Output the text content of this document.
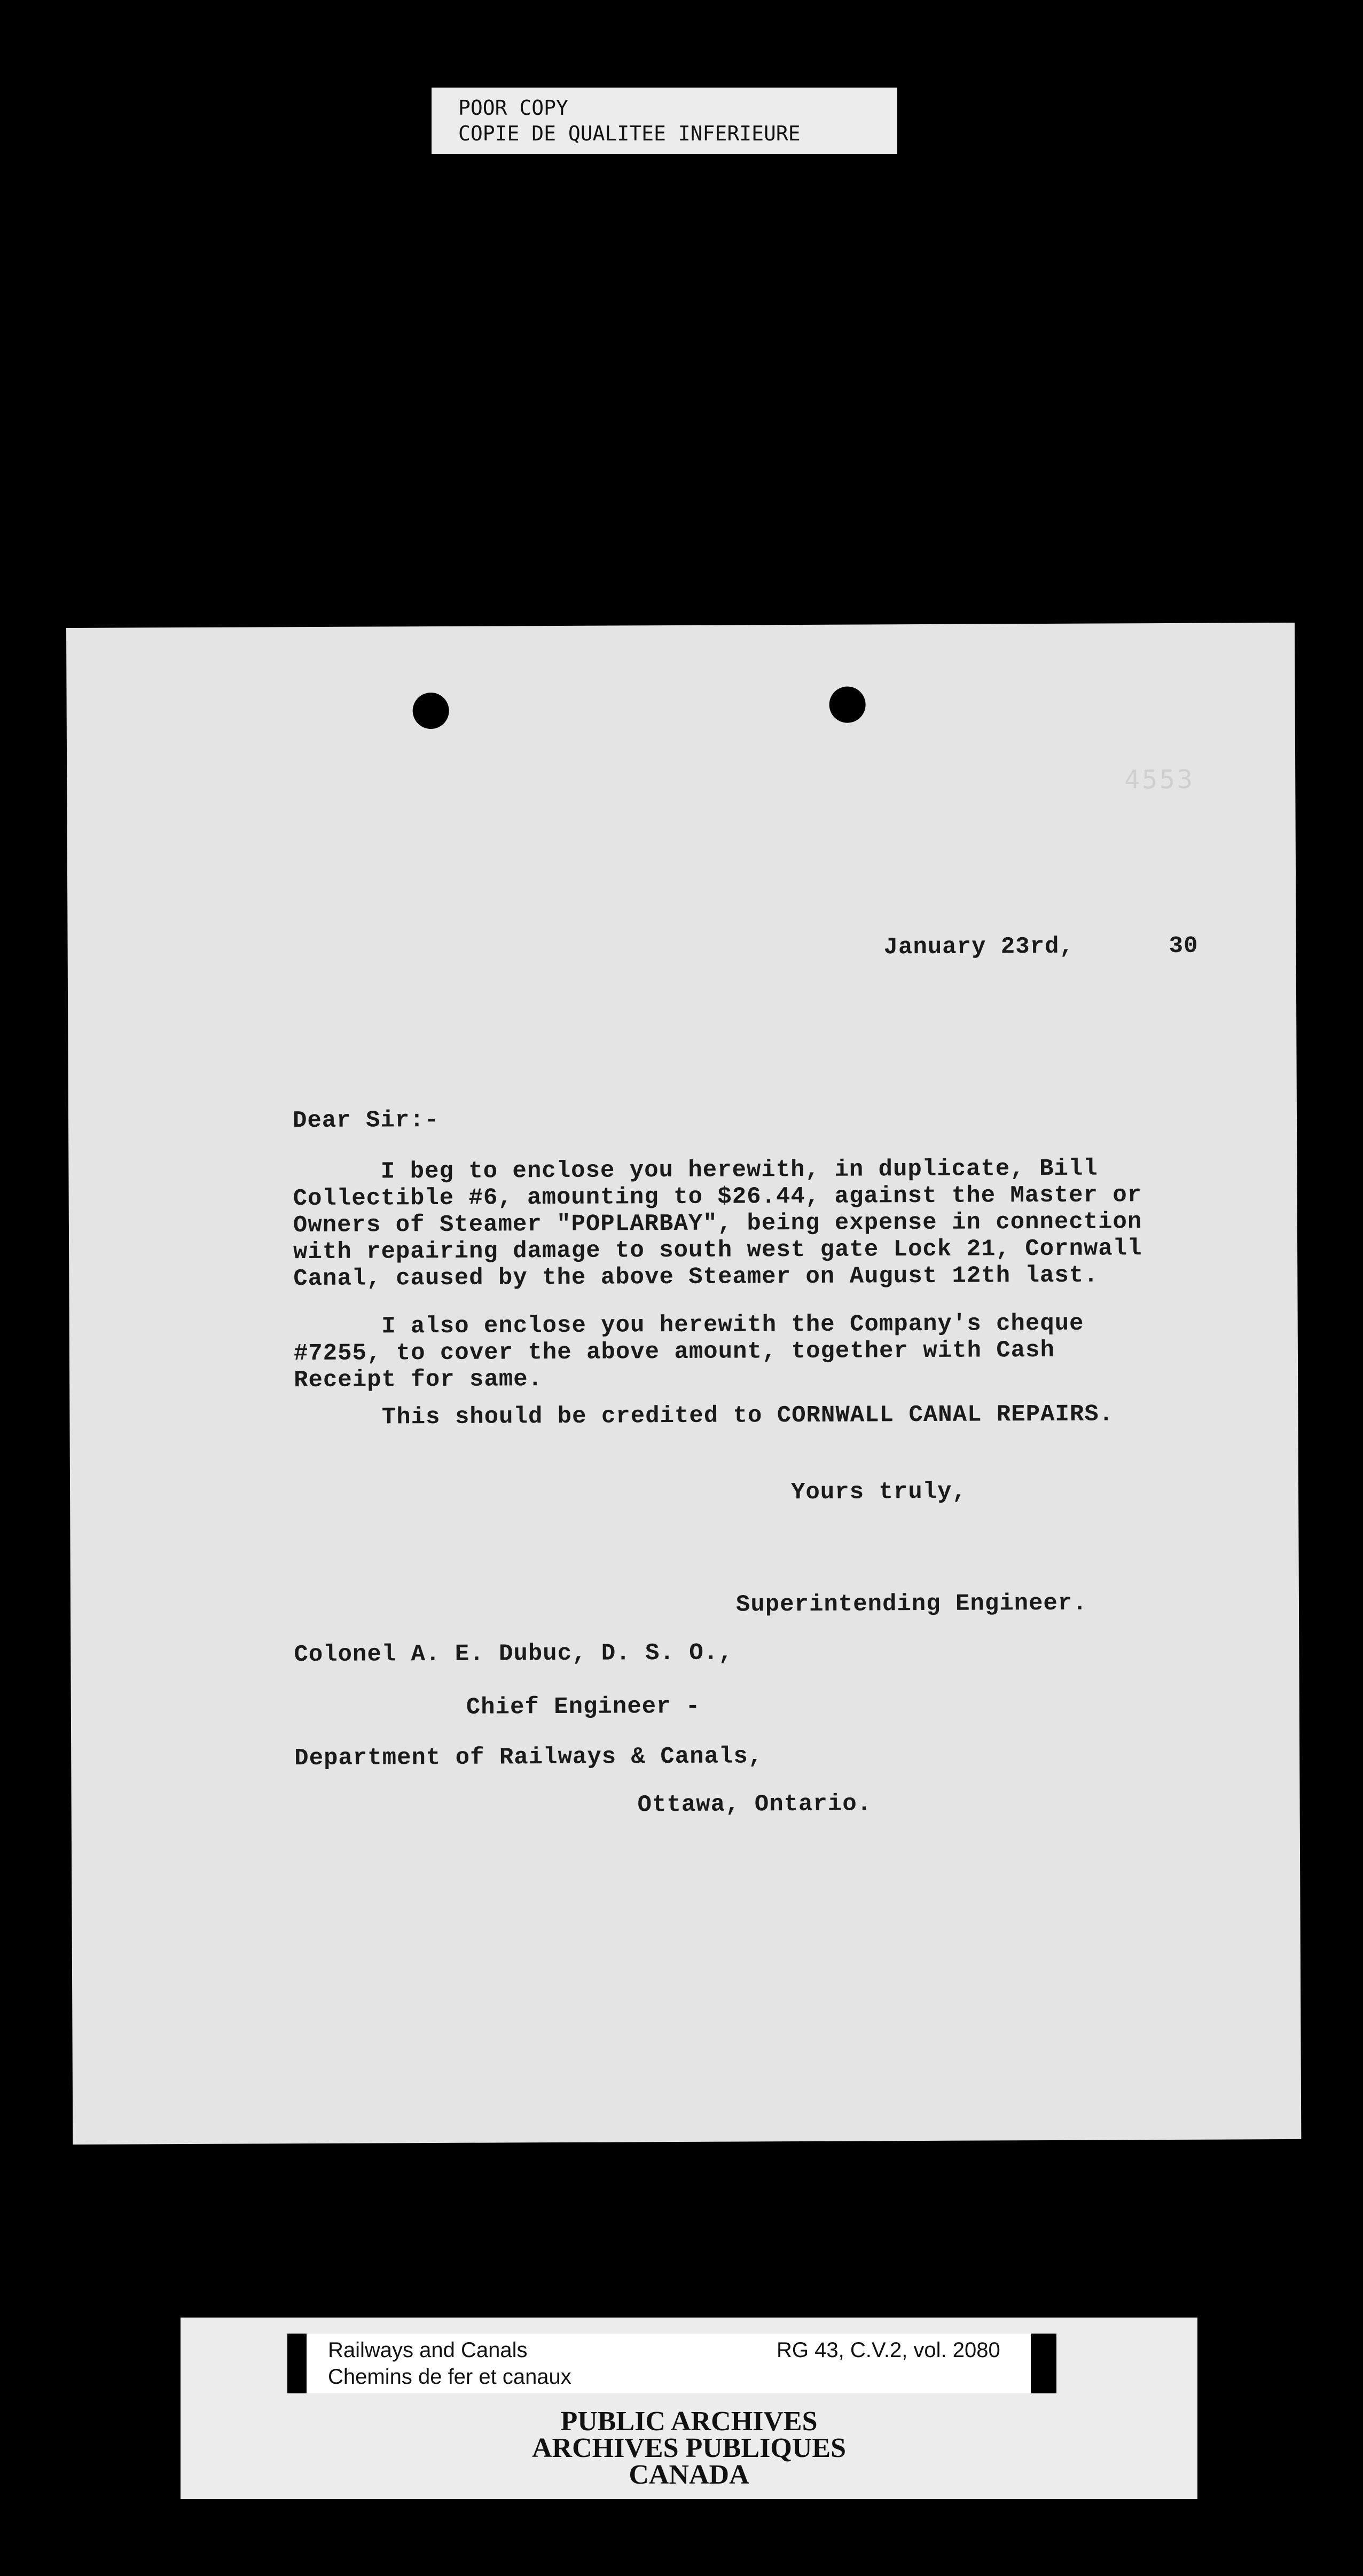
POOR COPY
COPIE DE QUALITEE INFERIEURE
4553
January 23rd,	30
Dear Sir:-
I beg to enclose you herewith, in duplicate, Bill
Collectible #6, amounting to $26.44, against the Master or
Owners of Steamer "POPLARBAY", being expense in connection
with repairing damage to south west gate Lock 21, Cornwall
Canal, caused by the above Steamer on August 12th last.
I also enclose you herewith the Company's cheque
#7255, to cover the above amount, together with Cash
Receipt for same.
This should be credited to CORNWALL CANAL REPAIRS.
Yours truly,
Superintending Engineer.
Colonel A. E. Dubuc, D. S. O.,
Chief Engineer -
Department of Railways & Canals,
Ottawa, Ontario.
Railways and Canals
Chemins de fer et canaux
RG 43, C.V.2, vol. 2080
PUBLIC ARCHIVES
ARCHIVES PUBLIQUES
CANADA
